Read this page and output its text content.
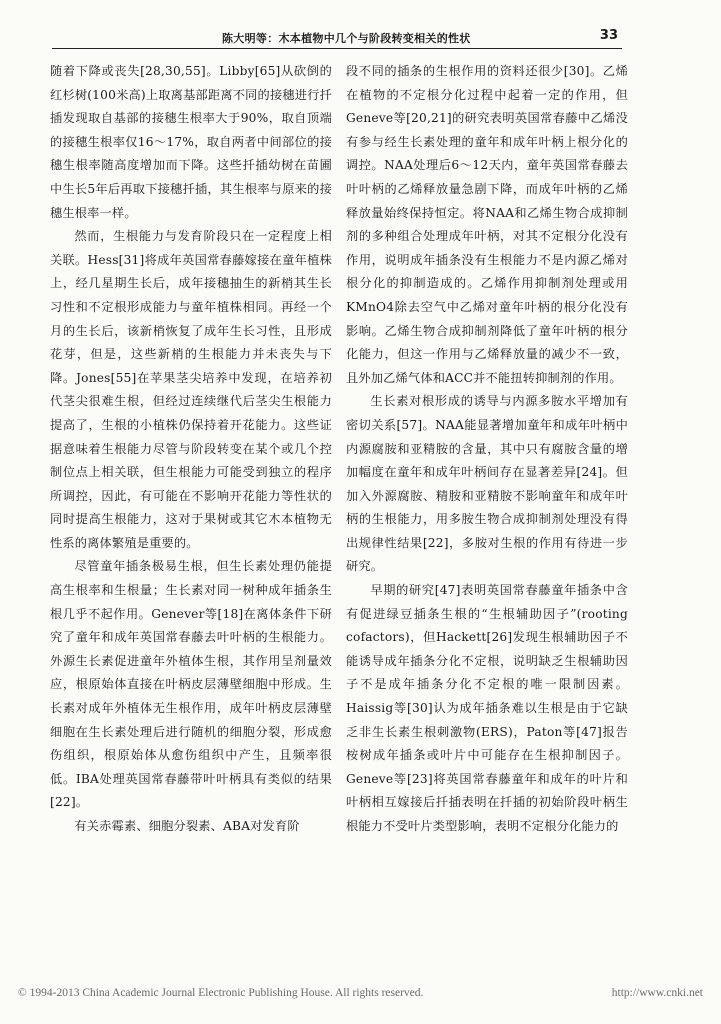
陈大明等：木本植物中几个与阶段转变相关的性状	33

随着下降或丧失[28,30,55]。Libby[65]从砍倒的红杉树(100米高)上取离基部距离不同的接穗进行扦插发现取自基部的接穗生根率大于90%，取自顶端的接穗生根率仅16～17%，取自两者中间部位的接穗生根率随高度增加而下降。这些扦插幼树在苗圃中生长5年后再取下接穗扦插，其生根率与原来的接穗生根率一样。

然而，生根能力与发育阶段只在一定程度上相关联。Hess[31]将成年英国常春藤嫁接在童年植株上，经几星期生长后，成年接穗抽生的新梢其生长习性和不定根形成能力与童年植株相同。再经一个月的生长后，该新梢恢复了成年生长习性，且形成花芽，但是，这些新梢的生根能力并未丧失与下降。Jones[55]在苹果茎尖培养中发现，在培养初代茎尖很难生根，但经过连续继代后茎尖生根能力提高了，生根的小植株仍保持着开花能力。这些证据意味着生根能力尽管与阶段转变在某个或几个控制位点上相关联，但生根能力可能受到独立的程序所调控，因此，有可能在不影响开花能力等性状的同时提高生根能力，这对于果树或其它木本植物无性系的离体繁殖是重要的。

尽管童年插条极易生根，但生长素处理仍能提高生根率和生根量；生长素对同一树种成年插条生根几乎不起作用。Genever等[18]在离体条件下研究了童年和成年英国常春藤去叶叶柄的生根能力。外源生长素促进童年外植体生根，其作用呈剂量效应，根原始体直接在叶柄皮层薄壁细胞中形成。生长素对成年外植体无生根作用，成年叶柄皮层薄壁细胞在生长素处理后进行随机的细胞分裂，形成愈伤组织，根原始体从愈伤组织中产生，且频率很低。IBA处理英国常春藤带叶叶柄具有类似的结果[22]。

有关赤霉素、细胞分裂素、ABA对发育阶

段不同的插条的生根作用的资料还很少[30]。乙烯在植物的不定根分化过程中起着一定的作用，但Geneve等[20,21]的研究表明英国常春藤中乙烯没有参与经生长素处理的童年和成年叶柄上根分化的调控。NAA处理后6～12天内，童年英国常春藤去叶叶柄的乙烯释放量急剧下降，而成年叶柄的乙烯释放量始终保持恒定。将NAA和乙烯生物合成抑制剂的多种组合处理成年叶柄，对其不定根分化没有作用，说明成年插条没有生根能力不是内源乙烯对根分化的抑制造成的。乙烯作用抑制剂处理或用KMnO4除去空气中乙烯对童年叶柄的根分化没有影响。乙烯生物合成抑制剂降低了童年叶柄的根分化能力，但这一作用与乙烯释放量的减少不一致，且外加乙烯气体和ACC并不能扭转抑制剂的作用。

生长素对根形成的诱导与内源多胺水平增加有密切关系[57]。NAA能显著增加童年和成年叶柄中内源腐胺和亚精胺的含量，其中只有腐胺含量的增加幅度在童年和成年叶柄间存在显著差异[24]。但加入外源腐胺、精胺和亚精胺不影响童年和成年叶柄的生根能力，用多胺生物合成抑制剂处理没有得出规律性结果[22]，多胺对生根的作用有待进一步研究。

早期的研究[47]表明英国常春藤童年插条中含有促进绿豆插条生根的“生根辅助因子”(rooting cofactors)，但Hackett[26]发现生根辅助因子不能诱导成年插条分化不定根，说明缺乏生根辅助因子不是成年插条分化不定根的唯一限制因素。Haissig等[30]认为成年插条难以生根是由于它缺乏非生长素生根刺激物(ERS)，Paton等[47]报告桉树成年插条或叶片中可能存在生根抑制因子。Geneve等[23]将英国常春藤童年和成年的叶片和叶柄相互嫁接后扦插表明在扦插的初始阶段叶柄生根能力不受叶片类型影响，表明不定根分化能力的

© 1994-2013 China Academic Journal Electronic Publishing House. All rights reserved.	http://www.cnki.net
